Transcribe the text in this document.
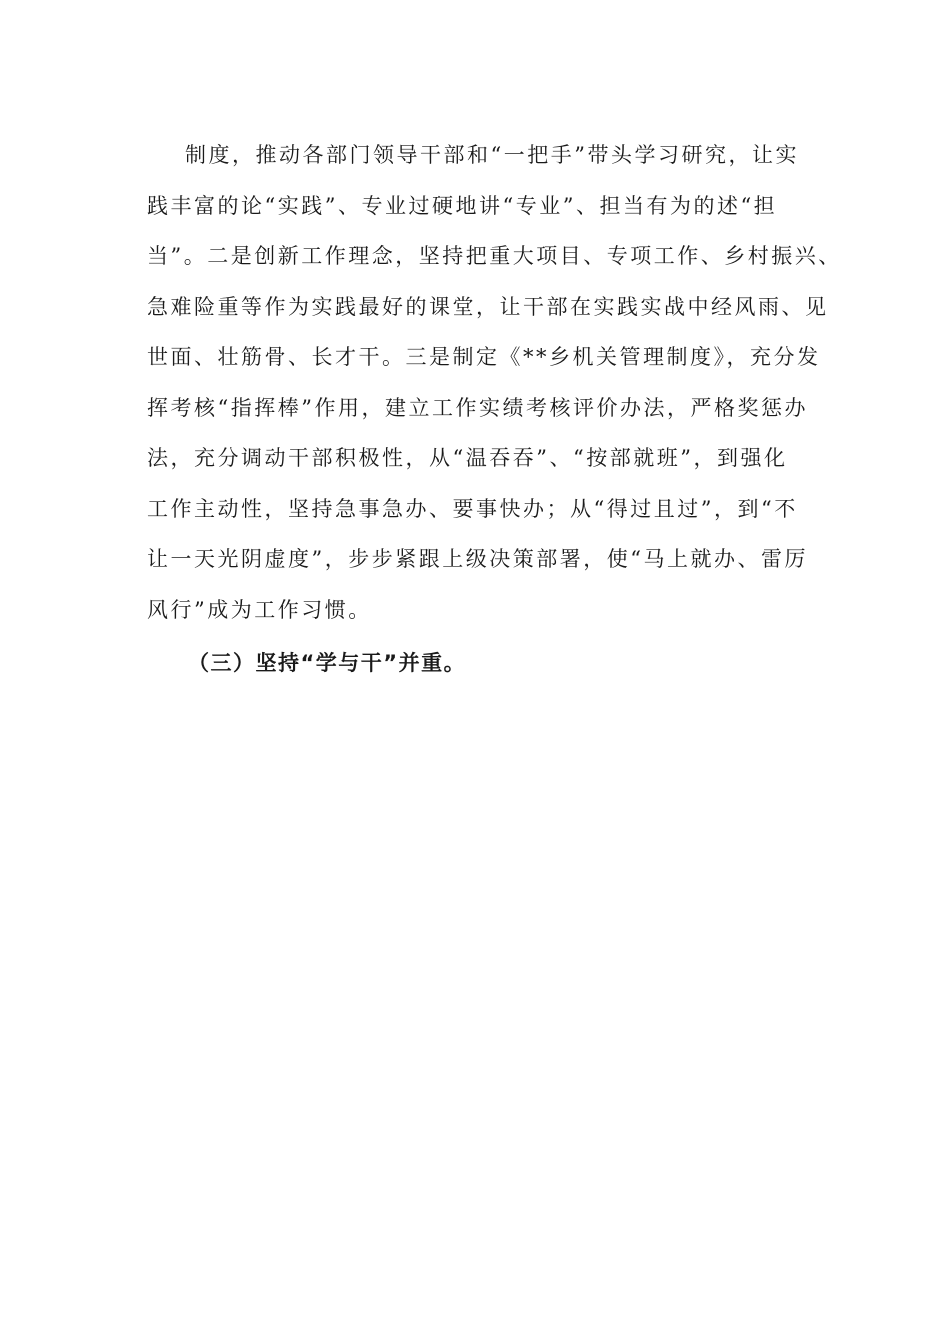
制度，推动各部门领导干部和“一把手”带头学习研究，让实
践丰富的论“实践”、专业过硬地讲“专业”、担当有为的述“担
当”。二是创新工作理念，坚持把重大项目、专项工作、乡村振兴、
急难险重等作为实践最好的课堂，让干部在实践实战中经风雨、见
世面、壮筋骨、长才干。三是制定《**乡机关管理制度》，充分发
挥考核“指挥棒”作用，建立工作实绩考核评价办法，严格奖惩办
法，充分调动干部积极性，从“温吞吞”、“按部就班”，到强化
工作主动性，坚持急事急办、要事快办；从“得过且过”，到“不
让一天光阴虚度”，步步紧跟上级决策部署，使“马上就办、雷厉
风行”成为工作习惯。
（三）坚持“学与干”并重。
